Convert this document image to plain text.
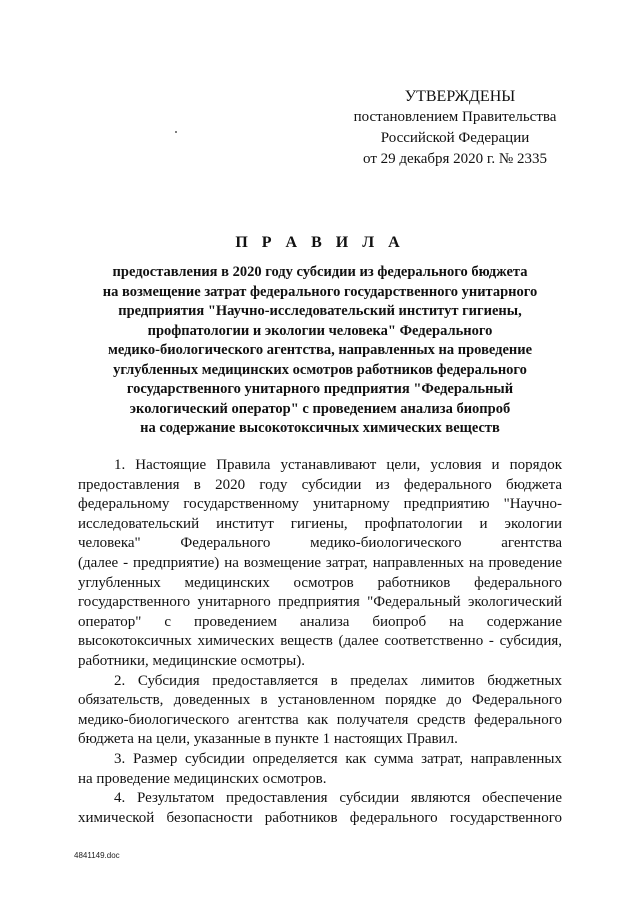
УТВЕРЖДЕНЫ
постановлением Правительства
Российской Федерации
от 29 декабря 2020 г. № 2335
П Р А В И Л А
предоставления в 2020 году субсидии из федерального бюджета
на возмещение затрат федерального государственного унитарного
предприятия "Научно-исследовательский институт гигиены,
профпатологии и экологии человека" Федерального
медико-биологического агентства, направленных на проведение
углубленных медицинских осмотров работников федерального
государственного унитарного предприятия "Федеральный
экологический оператор" с проведением анализа биопроб
на содержание высокотоксичных химических веществ
1. Настоящие Правила устанавливают цели, условия и порядок
предоставления в 2020 году субсидии из федерального бюджета
федеральному государственному унитарному предприятию "Научно-
исследовательский институт гигиены, профпатологии и экологии
человека" Федерального медико-биологического агентства
(далее - предприятие) на возмещение затрат, направленных на проведение
углубленных медицинских осмотров работников федерального
государственного унитарного предприятия "Федеральный экологический
оператор" с проведением анализа биопроб на содержание
высокотоксичных химических веществ (далее соответственно - субсидия,
работники, медицинские осмотры).
2. Субсидия предоставляется в пределах лимитов бюджетных
обязательств, доведенных в установленном порядке до Федерального
медико-биологического агентства как получателя средств федерального
бюджета на цели, указанные в пункте 1 настоящих Правил.
3. Размер субсидии определяется как сумма затрат, направленных
на проведение медицинских осмотров.
4. Результатом предоставления субсидии являются обеспечение
химической безопасности работников федерального государственного
4841149.doc
